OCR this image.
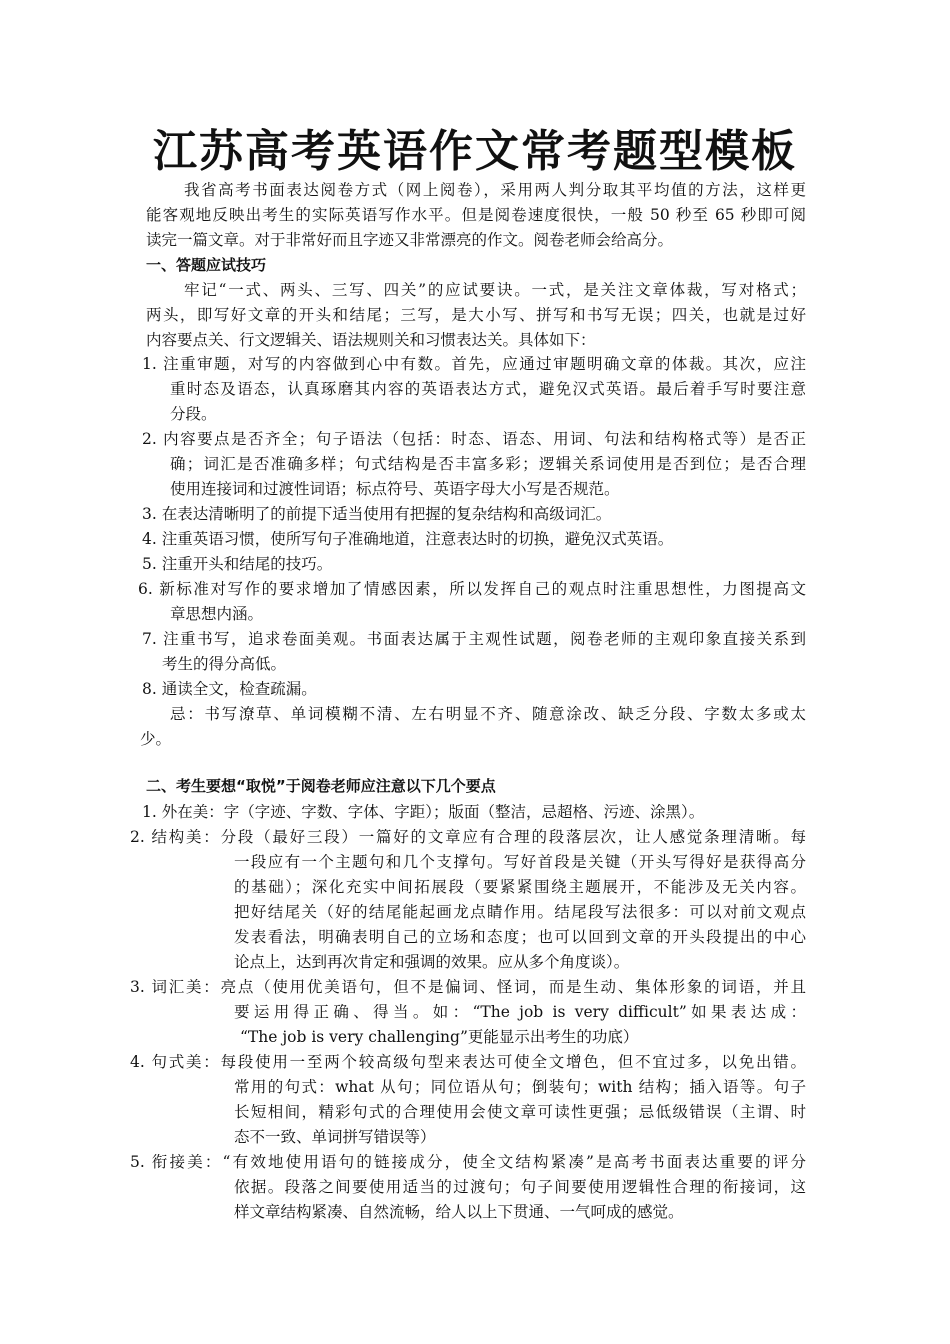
江苏高考英语作文常考题型模板
我省高考书面表达阅卷方式（网上阅卷），采用两人判分取其平均值的方法，这样更
能客观地反映出考生的实际英语写作水平。但是阅卷速度很快，一般 50 秒至 65 秒即可阅
读完一篇文章。对于非常好而且字迹又非常漂亮的作文。阅卷老师会给高分。
一、答题应试技巧
牢记“一式、两头、三写、四关”的应试要诀。一式，是关注文章体裁，写对格式；
两头，即写好文章的开头和结尾；三写，是大小写、拼写和书写无误；四关，也就是过好
内容要点关、行文逻辑关、语法规则关和习惯表达关。具体如下：
1. 注重审题，对写的内容做到心中有数。首先，应通过审题明确文章的体裁。其次，应注
重时态及语态，认真琢磨其内容的英语表达方式，避免汉式英语。最后着手写时要注意
分段。
2. 内容要点是否齐全；句子语法（包括：时态、语态、用词、句法和结构格式等）是否正
确；词汇是否准确多样；句式结构是否丰富多彩；逻辑关系词使用是否到位；是否合理
使用连接词和过渡性词语；标点符号、英语字母大小写是否规范。
3. 在表达清晰明了的前提下适当使用有把握的复杂结构和高级词汇。
4. 注重英语习惯，使所写句子准确地道，注意表达时的切换，避免汉式英语。
5. 注重开头和结尾的技巧。
6. 新标准对写作的要求增加了情感因素，所以发挥自己的观点时注重思想性，力图提高文
章思想内涵。
7. 注重书写，追求卷面美观。书面表达属于主观性试题，阅卷老师的主观印象直接关系到
考生的得分高低。
8. 通读全文，检查疏漏。
忌：书写潦草、单词模糊不清、左右明显不齐、随意涂改、缺乏分段、字数太多或太
少。
二、考生要想“取悦”于阅卷老师应注意以下几个要点
1. 外在美：字（字迹、字数、字体、字距）；版面（整洁，忌超格、污迹、涂黑）。
2. 结构美：分段（最好三段）一篇好的文章应有合理的段落层次，让人感觉条理清晰。每
一段应有一个主题句和几个支撑句。写好首段是关键（开头写得好是获得高分
的基础）；深化充实中间拓展段（要紧紧围绕主题展开，不能涉及无关内容。
把好结尾关（好的结尾能起画龙点睛作用。结尾段写法很多：可以对前文观点
发表看法，明确表明自己的立场和态度；也可以回到文章的开头段提出的中心
论点上，达到再次肯定和强调的效果。应从多个角度谈）。
3. 词汇美：亮点（使用优美语句，但不是偏词、怪词，而是生动、集体形象的词语，并且
要运用得正确、得当。如：“The job is very difficult”如果表达成：
“The job is very challenging”更能显示出考生的功底）
4. 句式美：每段使用一至两个较高级句型来表达可使全文增色，但不宜过多，以免出错。
常用的句式：what 从句；同位语从句；倒装句；with 结构；插入语等。句子
长短相间，精彩句式的合理使用会使文章可读性更强；忌低级错误（主谓、时
态不一致、单词拼写错误等）
5. 衔接美：“有效地使用语句的链接成分，使全文结构紧凑”是高考书面表达重要的评分
依据。段落之间要使用适当的过渡句；句子间要使用逻辑性合理的衔接词，这
样文章结构紧凑、自然流畅，给人以上下贯通、一气呵成的感觉。
